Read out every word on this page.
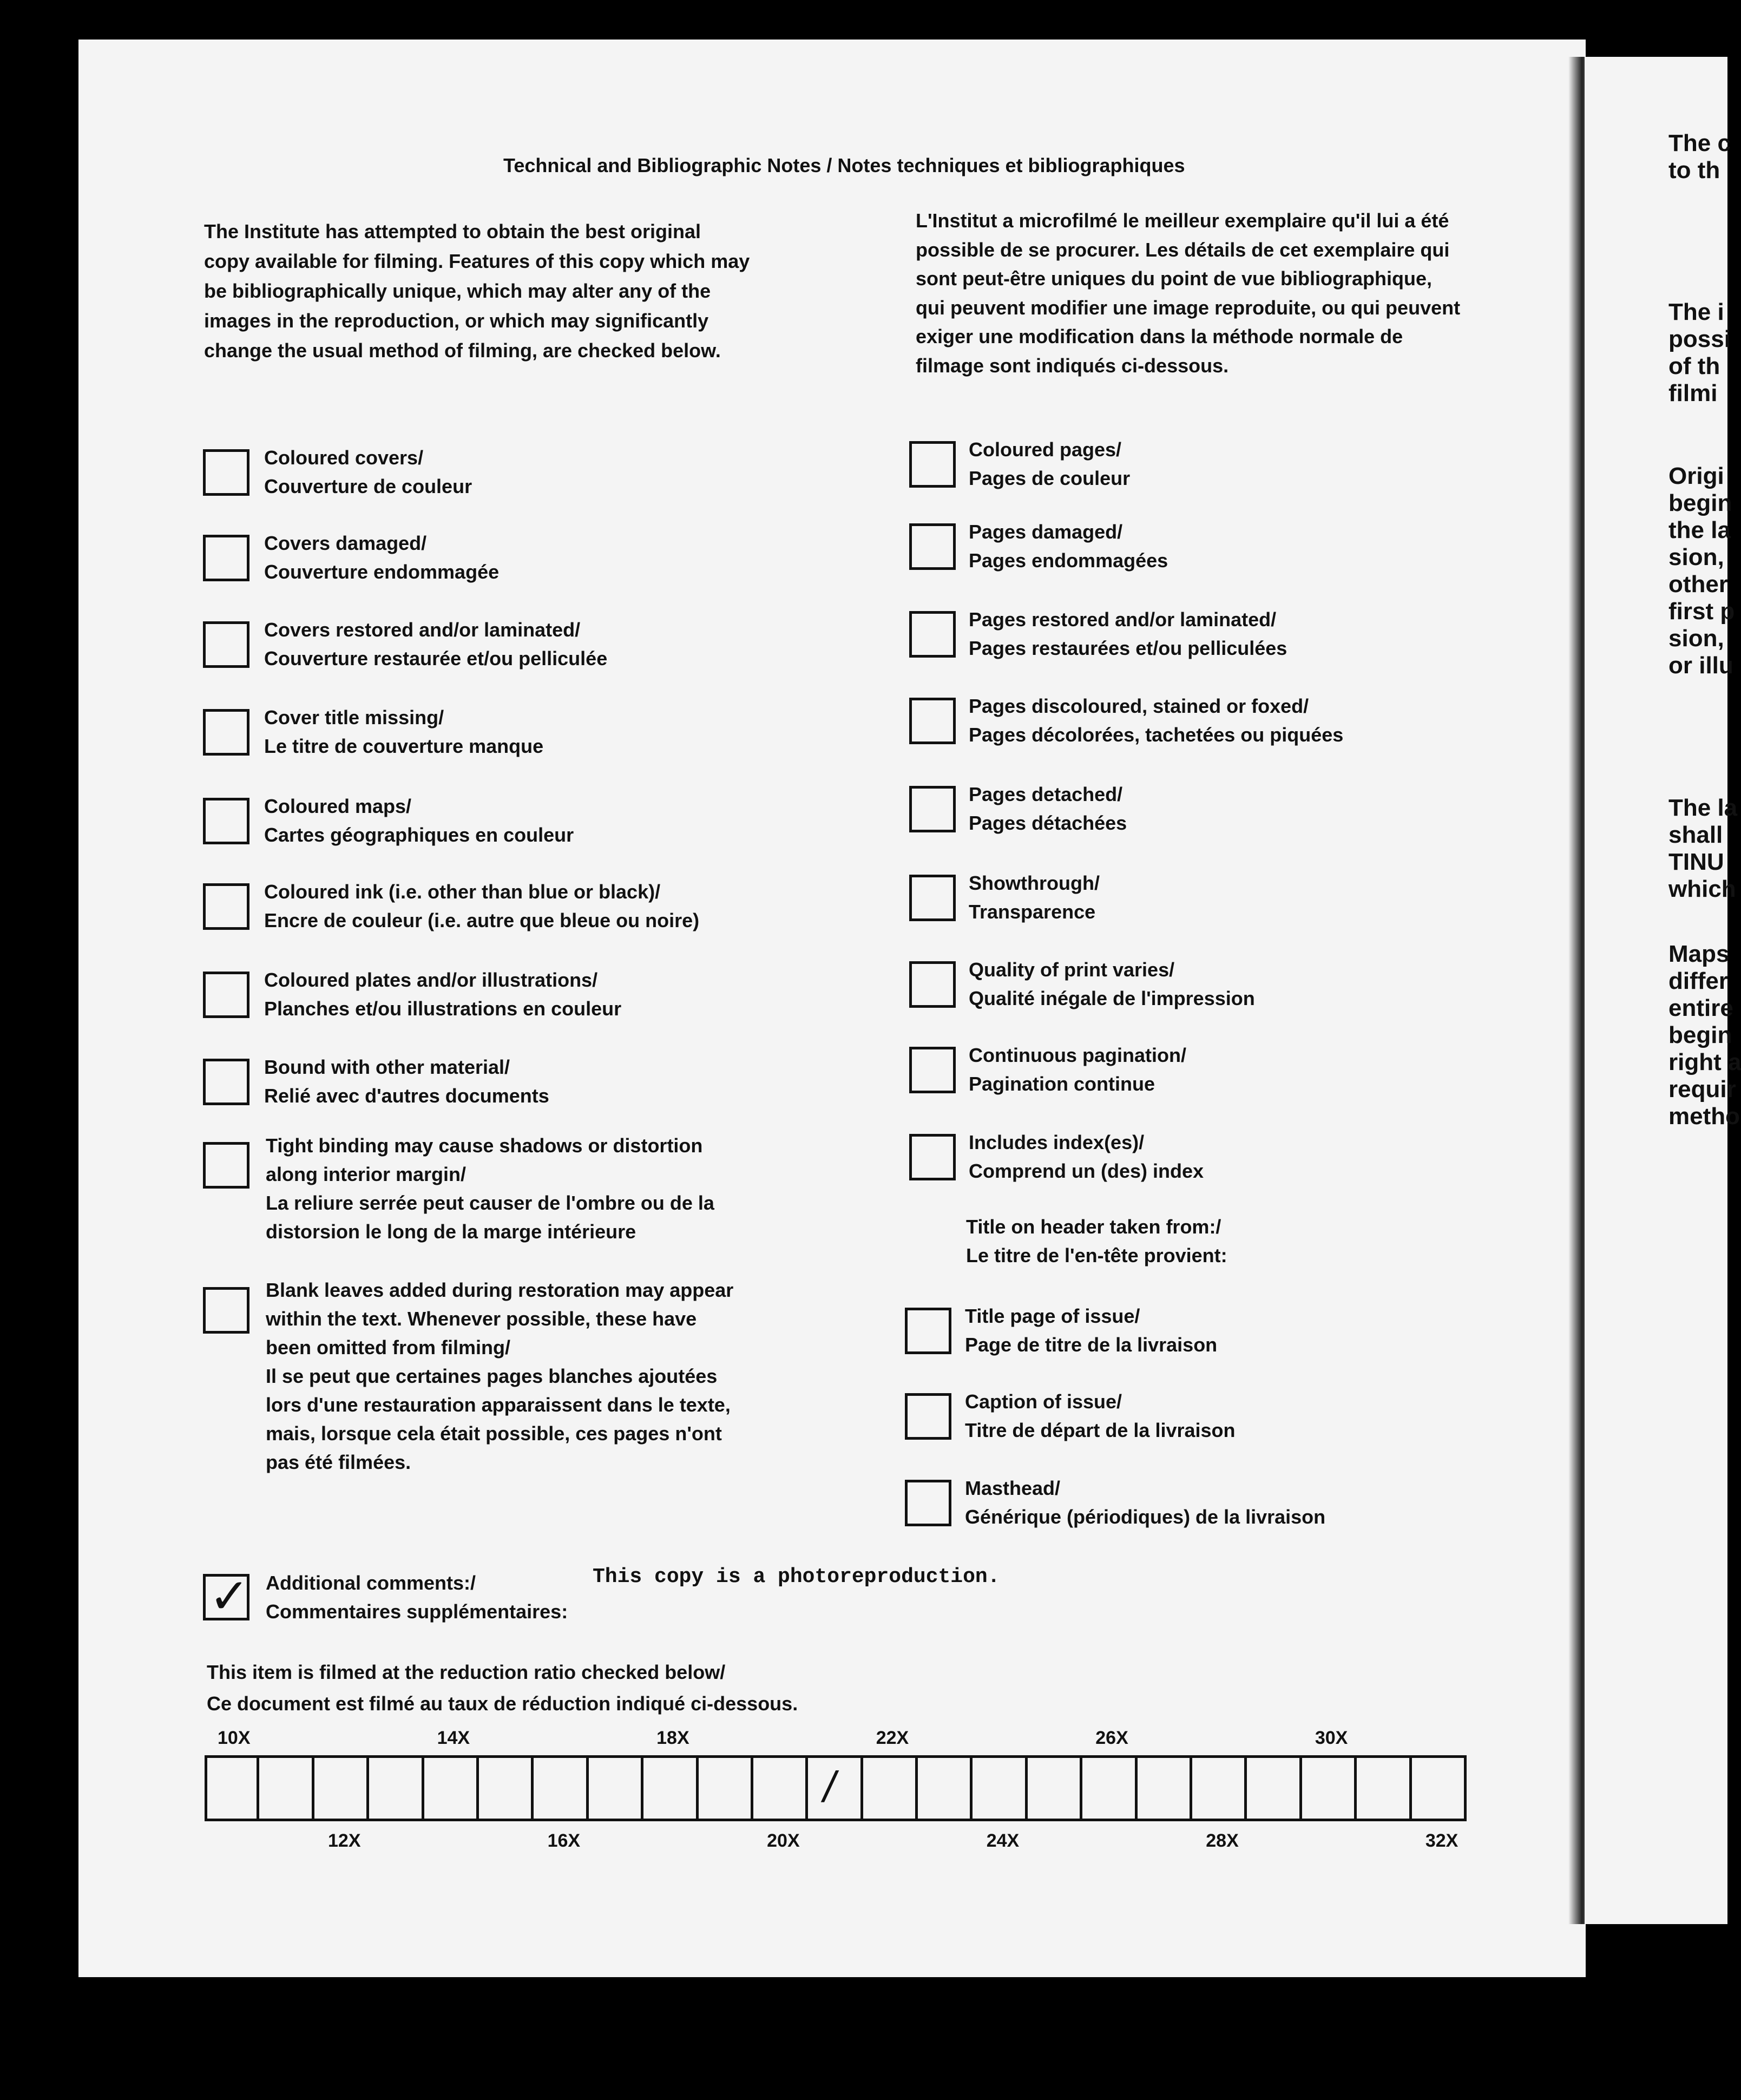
Technical and Bibliographic Notes / Notes techniques et bibliographiques
The Institute has attempted to obtain the best original copy available for filming. Features of this copy which may be bibliographically unique, which may alter any of the images in the reproduction, or which may significantly change the usual method of filming, are checked below.
L'Institut a microfilmé le meilleur exemplaire qu'il lui a été possible de se procurer. Les détails de cet exemplaire qui sont peut-être uniques du point de vue bibliographique, qui peuvent modifier une image reproduite, ou qui peuvent exiger une modification dans la méthode normale de filmage sont indiqués ci-dessous.
Coloured covers/
Couverture de couleur
Covers damaged/
Couverture endommagée
Covers restored and/or laminated/
Couverture restaurée et/ou pelliculée
Cover title missing/
Le titre de couverture manque
Coloured maps/
Cartes géographiques en couleur
Coloured ink (i.e. other than blue or black)/
Encre de couleur (i.e. autre que bleue ou noire)
Coloured plates and/or illustrations/
Planches et/ou illustrations en couleur
Bound with other material/
Relié avec d'autres documents
Tight binding may cause shadows or distortion
along interior margin/
La reliure serrée peut causer de l'ombre ou de la
distorsion le long de la marge intérieure
Blank leaves added during restoration may appear
within the text. Whenever possible, these have
been omitted from filming/
Il se peut que certaines pages blanches ajoutées
lors d'une restauration apparaissent dans le texte,
mais, lorsque cela était possible, ces pages n'ont
pas été filmées.
Coloured pages/
Pages de couleur
Pages damaged/
Pages endommagées
Pages restored and/or laminated/
Pages restaurées et/ou pelliculées
Pages discoloured, stained or foxed/
Pages décolorées, tachetées ou piquées
Pages detached/
Pages détachées
Showthrough/
Transparence
Quality of print varies/
Qualité inégale de l'impression
Continuous pagination/
Pagination continue
Includes index(es)/
Comprend un (des) index
Title on header taken from:/
Le titre de l'en-tête provient:
Title page of issue/
Page de titre de la livraison
Caption of issue/
Titre de départ de la livraison
Masthead/
Générique (périodiques) de la livraison
✓ Additional comments:/
Commentaires supplémentaires:
This copy is a photoreproduction.
This item is filmed at the reduction ratio checked below/
Ce document est filmé au taux de réduction indiqué ci-dessous.
10X	14X	18X	22X	26X	30X
/
12X	16X	20X	24X	28X	32X
The c
to th
The i
possi
of th
filmi
Origi
begin
the la
sion,
other
first p
sion,
or illu
The la
shall
TINU
which
Maps
differ
entire
begin
right a
requir
metho
